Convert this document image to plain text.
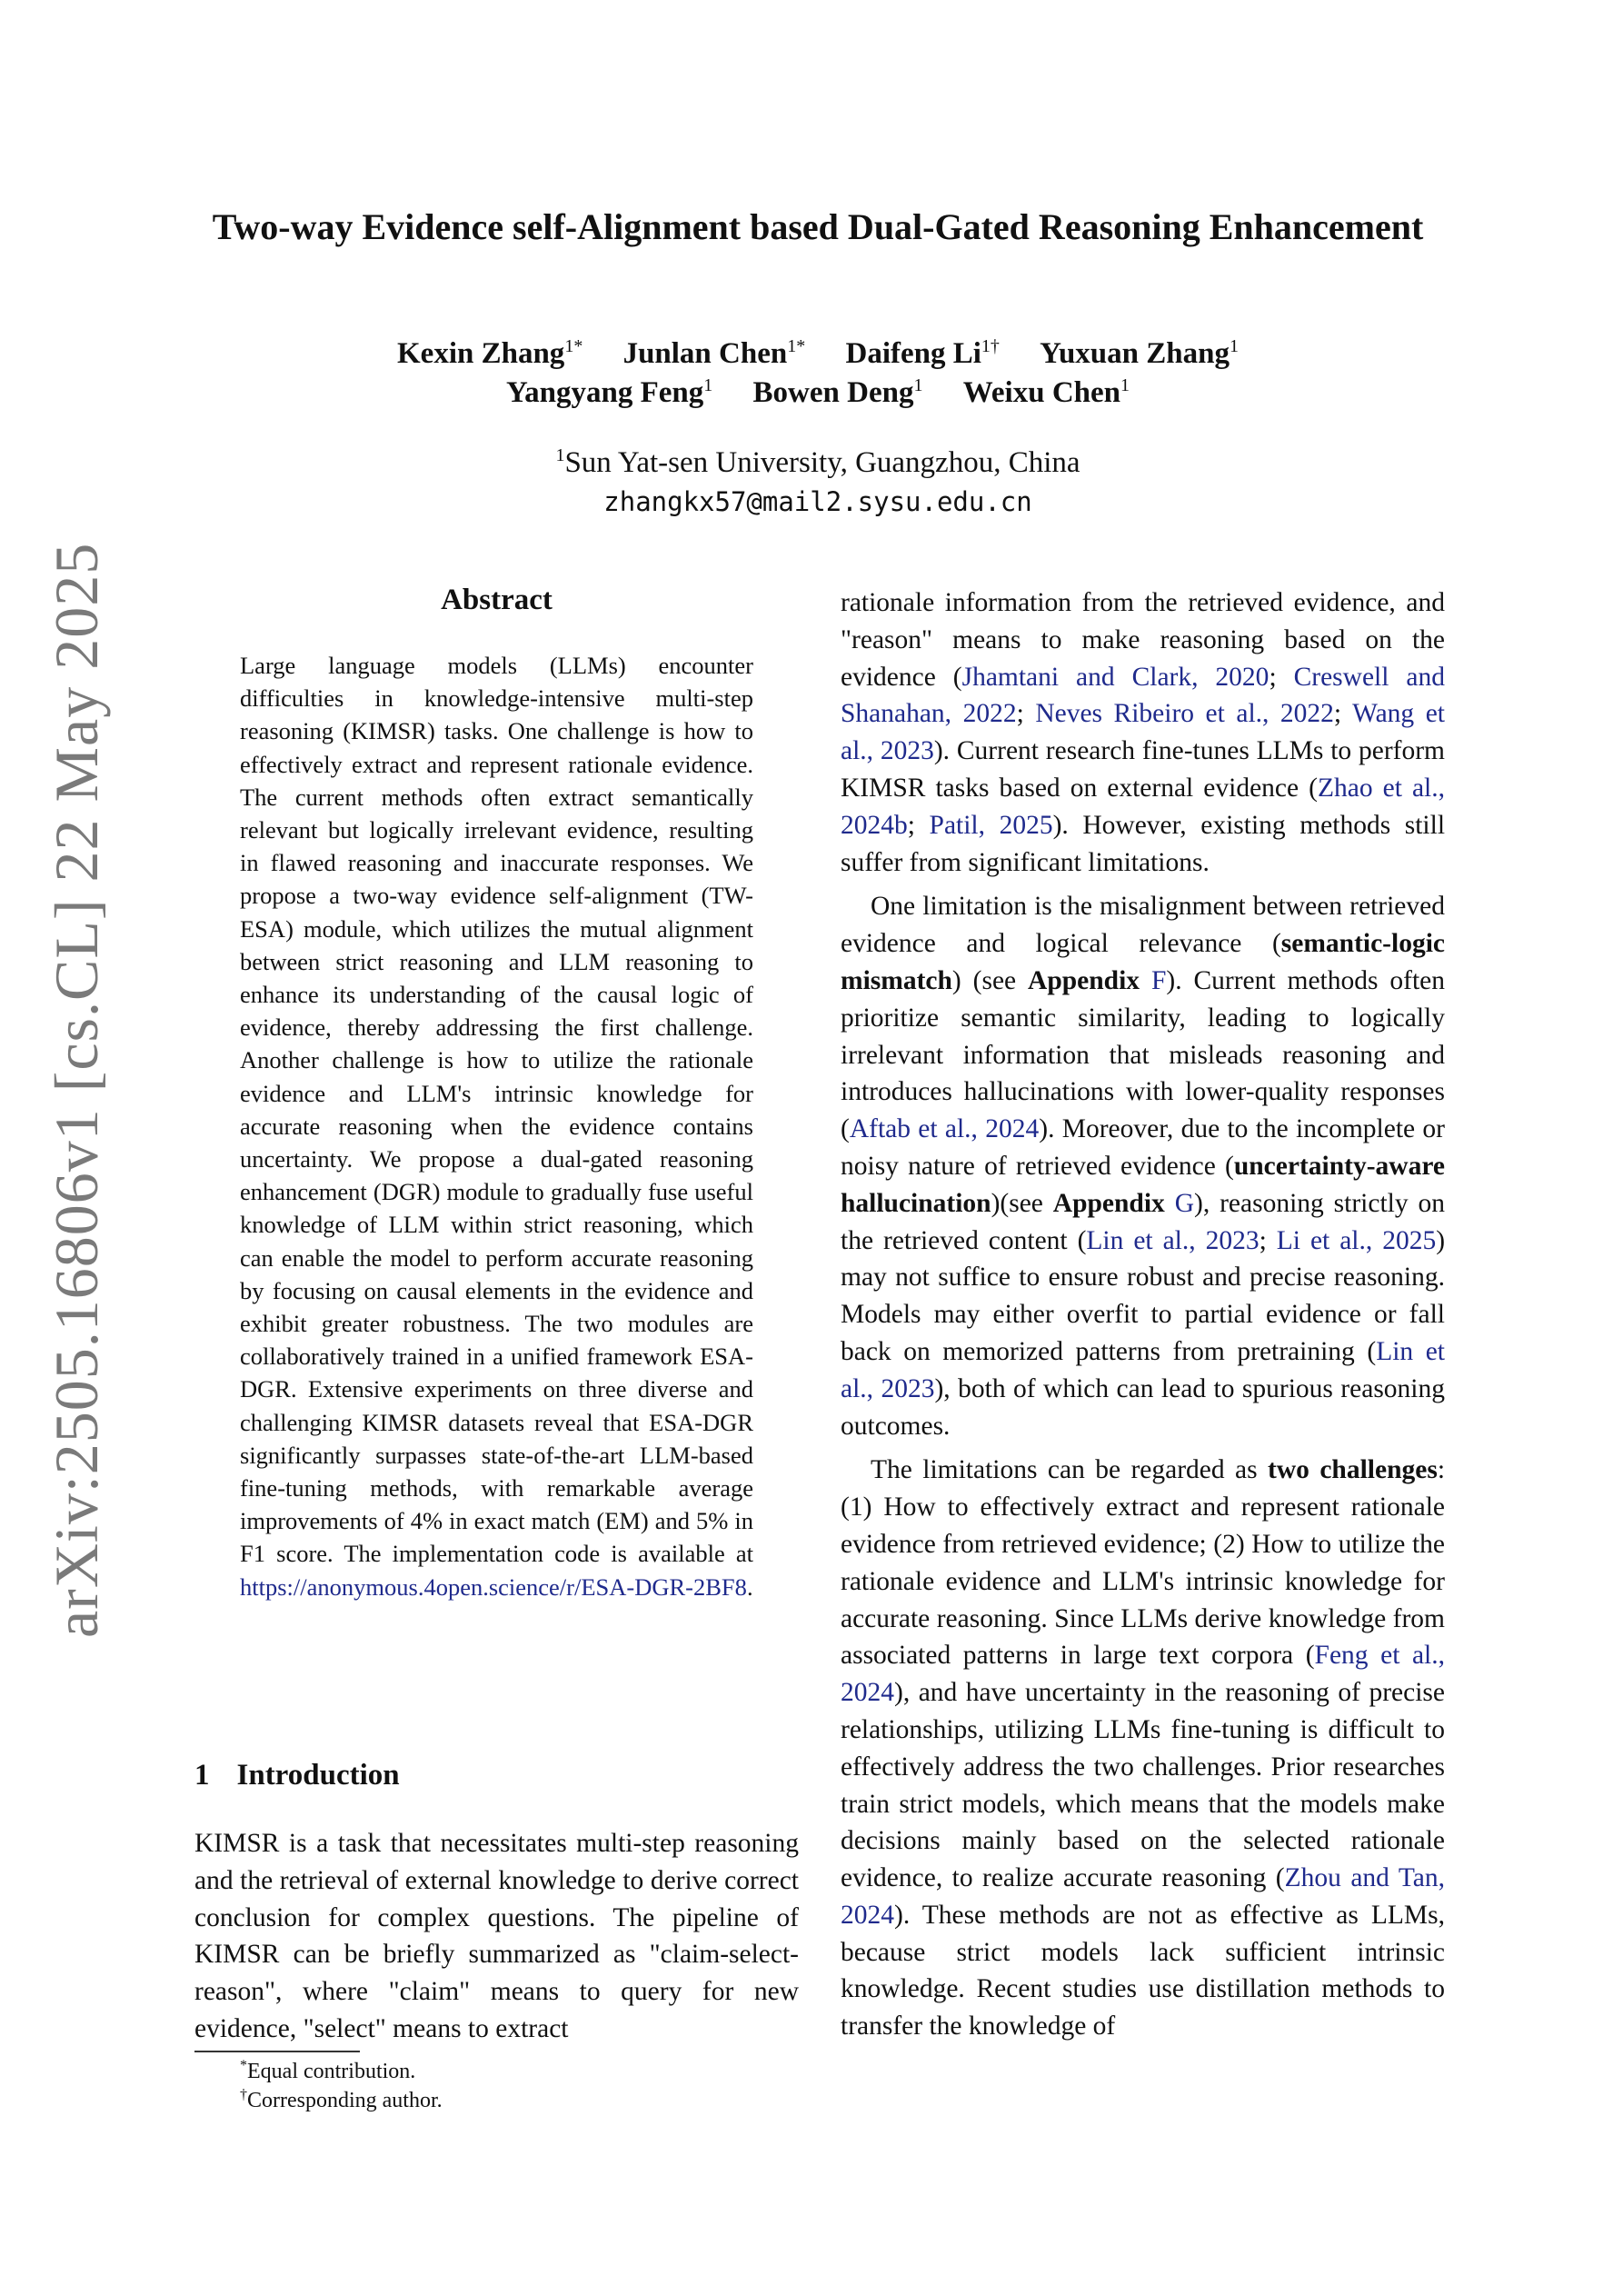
arXiv:2505.16806v1 [cs.CL] 22 May 2025
Two-way Evidence self-Alignment based Dual-Gated Reasoning Enhancement
Kexin Zhang$^{1*}$ Junlan Chen$^{1*}$ Daifeng $Li^{1\dagger}$ Yuxuan Zhang$^1$
Yangyang Feng$^1$ Bowen Deng$^1$ Weixu Chen$^1$
$^1$Sun Yat-sen University, Guangzhou, China
zhangkx57@mail2.sysu.edu.cn
Abstract
Large language models (LLMs) encounter difficulties in knowledge-intensive multi-step reasoning (KIMSR) tasks. One challenge is how to effectively extract and represent rationale evidence. The current methods often extract semantically relevant but logically irrelevant evidence, resulting in flawed reasoning and inaccurate responses. We propose a two-way evidence self-alignment (TW-ESA) module, which utilizes the mutual alignment between strict reasoning and LLM reasoning to enhance its understanding of the causal logic of evidence, thereby addressing the first challenge. Another challenge is how to utilize the rationale evidence and LLM's intrinsic knowledge for accurate reasoning when the evidence contains uncertainty. We propose a dual-gated reasoning enhancement (DGR) module to gradually fuse useful knowledge of LLM within strict reasoning, which can enable the model to perform accurate reasoning by focusing on causal elements in the evidence and exhibit greater robustness. The two modules are collaboratively trained in a unified framework ESA-DGR. Extensive experiments on three diverse and challenging KIMSR datasets reveal that ESA-DGR significantly surpasses state-of-the-art LLM-based fine-tuning methods, with remarkable average improvements of 4% in exact match (EM) and 5% in F1 score. The implementation code is available at https://anonymous.4open.science/r/ESA-DGR-2BF8.
1 Introduction
KIMSR is a task that necessitates multi-step reasoning and the retrieval of external knowledge to derive correct conclusion for complex questions. The pipeline of KIMSR can be briefly summarized as "claim-select-reason", where "claim" means to query for new evidence, "select" means to extract
*Equal contribution.
†Corresponding author.

rationale information from the retrieved evidence, and "reason" means to make reasoning based on the evidence (Jhamtani and Clark, 2020; Creswell and Shanahan, 2022; Neves Ribeiro et al., 2022; Wang et al., 2023). Current research fine-tunes LLMs to perform KIMSR tasks based on external evidence (Zhao et al., 2024b; Patil, 2025). However, existing methods still suffer from significant limitations.

One limitation is the misalignment between retrieved evidence and logical relevance (semantic-logic mismatch) (see Appendix F). Current methods often prioritize semantic similarity, leading to logically irrelevant information that misleads reasoning and introduces hallucinations with lower-quality responses (Aftab et al., 2024). Moreover, due to the incomplete or noisy nature of retrieved evidence (uncertainty-aware hallucination)(see Appendix G), reasoning strictly on the retrieved content (Lin et al., 2023; Li et al., 2025) may not suffice to ensure robust and precise reasoning. Models may either overfit to partial evidence or fall back on memorized patterns from pretraining (Lin et al., 2023), both of which can lead to spurious reasoning outcomes.

The limitations can be regarded as two challenges: (1) How to effectively extract and represent rationale evidence from retrieved evidence; (2) How to utilize the rationale evidence and LLM's intrinsic knowledge for accurate reasoning. Since LLMs derive knowledge from associated patterns in large text corpora (Feng et al., 2024), and have uncertainty in the reasoning of precise relationships, utilizing LLMs fine-tuning is difficult to effectively address the two challenges. Prior researches train strict models, which means that the models make decisions mainly based on the selected rationale evidence, to realize accurate reasoning (Zhou and Tan, 2024). These methods are not as effective as LLMs, because strict models lack sufficient intrinsic knowledge. Recent studies use distillation methods to transfer the knowledge of
